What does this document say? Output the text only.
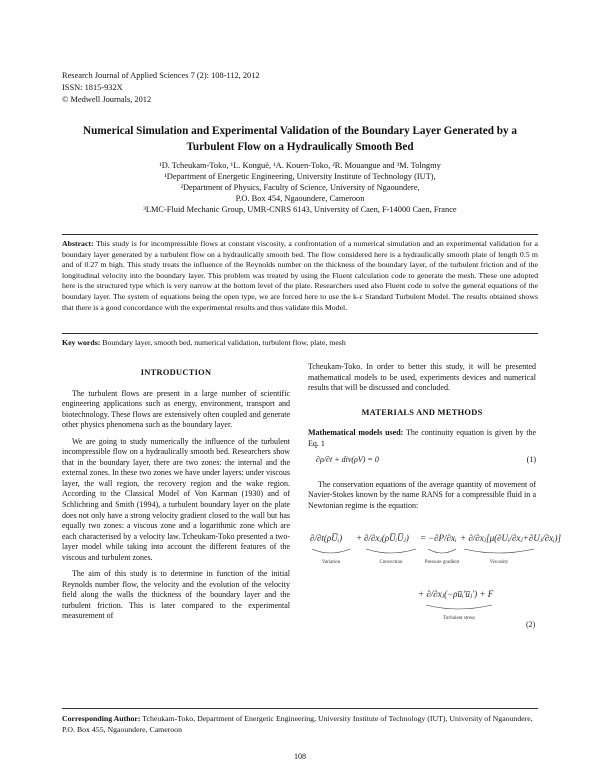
Research Journal of Applied Sciences 7 (2): 108-112, 2012
ISSN: 1815-932X
© Medwell Journals, 2012
Numerical Simulation and Experimental Validation of the Boundary Layer Generated by a Turbulent Flow on a Hydraulically Smooth Bed
¹D. Tcheukam-Toko, ¹L. Konguè, ¹A. Kouen-Toko, ²R. Mouangue and ³M. Tolngmy
¹Department of Energetic Engineering, University Institute of Technology (IUT),
²Department of Physics, Faculty of Science, University of Ngaoundere,
P.O. Box 454, Ngaoundere, Cameroon
³LMC-Fluid Mechanic Group, UMR-CNRS 6143, University of Caen, F-14000 Caen, France
Abstract: This study is for incompressible flows at constant viscosity, a confrontation of a numerical simulation and an experimental validation for a boundary layer generated by a turbulent flow on a hydraulically smooth bed. The flow considered here is a hydraulically smooth plate of length 0.5 m and of 0.27 m high. This study treats the influence of the Reynolds number on the thickness of the boundary layer, of the turbulent friction and of the longitudinal velocity into the boundary layer. This problem was treated by using the Fluent calculation code to generate the mesh. These one adopted here is the structured type which is very narrow at the bottom level of the plate. Researchers used also Fluent code to solve the general equations of the boundary layer. The system of equations being the open type, we are forced here to use the k-ε Standard Turbulent Model. The results obtained shows that there is a good concordance with the experimental results and thus validate this Model.
Key words: Boundary layer, smooth bed, numerical validation, turbulent flow, plate, mesh
INTRODUCTION

The turbulent flows are present in a large number of scientific engineering applications such as energy, environment, transport and biotechnology. These flows are extensively often coupled and generate other physics phenomena such as the boundary layer.

We are going to study numerically the influence of the turbulent incompressible flow on a hydraulically smooth bed. Researchers show that in the boundary layer, there are two zones: the internal and the external zones. In these two zones we have under layers: under viscous layer, the wall region, the recovery region and the wake region. According to the Classical Model of Von Karman (1930) and of Schlichting and Smith (1994), a turbulent boundary layer on the plate does not only have a strong velocity gradient closed to the wall but has equally two zones: a viscous zone and a logarithmic zone which are each characterised by a velocity law. Tcheukam-Toko presented a two-layer model while taking into account the different features of the viscous and turbulent zones.

The aim of this study is to determine in function of the initial Reynolds number flow, the velocity and the evolution of the velocity field along the walls the thickness of the boundary layer and the turbulent friction. This is later compared to the experimental measurement of

Tcheukam-Toko. In order to better this study, it will be presented mathematical models to be used, experiments devices and numerical results that will be discussed and concluded.

MATERIALS AND METHODS

Mathematical models used: The continuity equation is given by the Eq. 1

∂ρ/∂t + div(ρV) = 0	(1)

The conservation equations of the average quantity of movement of Navier-Stokes known by the name RANS for a compressible fluid in a Newtonian regime is the equation:

∂/∂t(ρU̅ᵢ) + ∂/∂xⱼ(ρU̅ᵢU̅ⱼ) = −∂P/∂xᵢ + ∂/∂xⱼ[μ(∂Uᵢ/∂xⱼ+∂Uⱼ/∂xᵢ)]
+ ∂/∂xⱼ(−ρu̅ᵢ'u̅ⱼ') + F
Variation	Convection	Pressure gradient	Viscosity
Turbulent stress
(2)
Corresponding Author: Tcheukam-Toko, Department of Energetic Engineering, University Institute of Technology (IUT), University of Ngaoundere, P.O. Box 455, Ngaoundere, Cameroon
108
